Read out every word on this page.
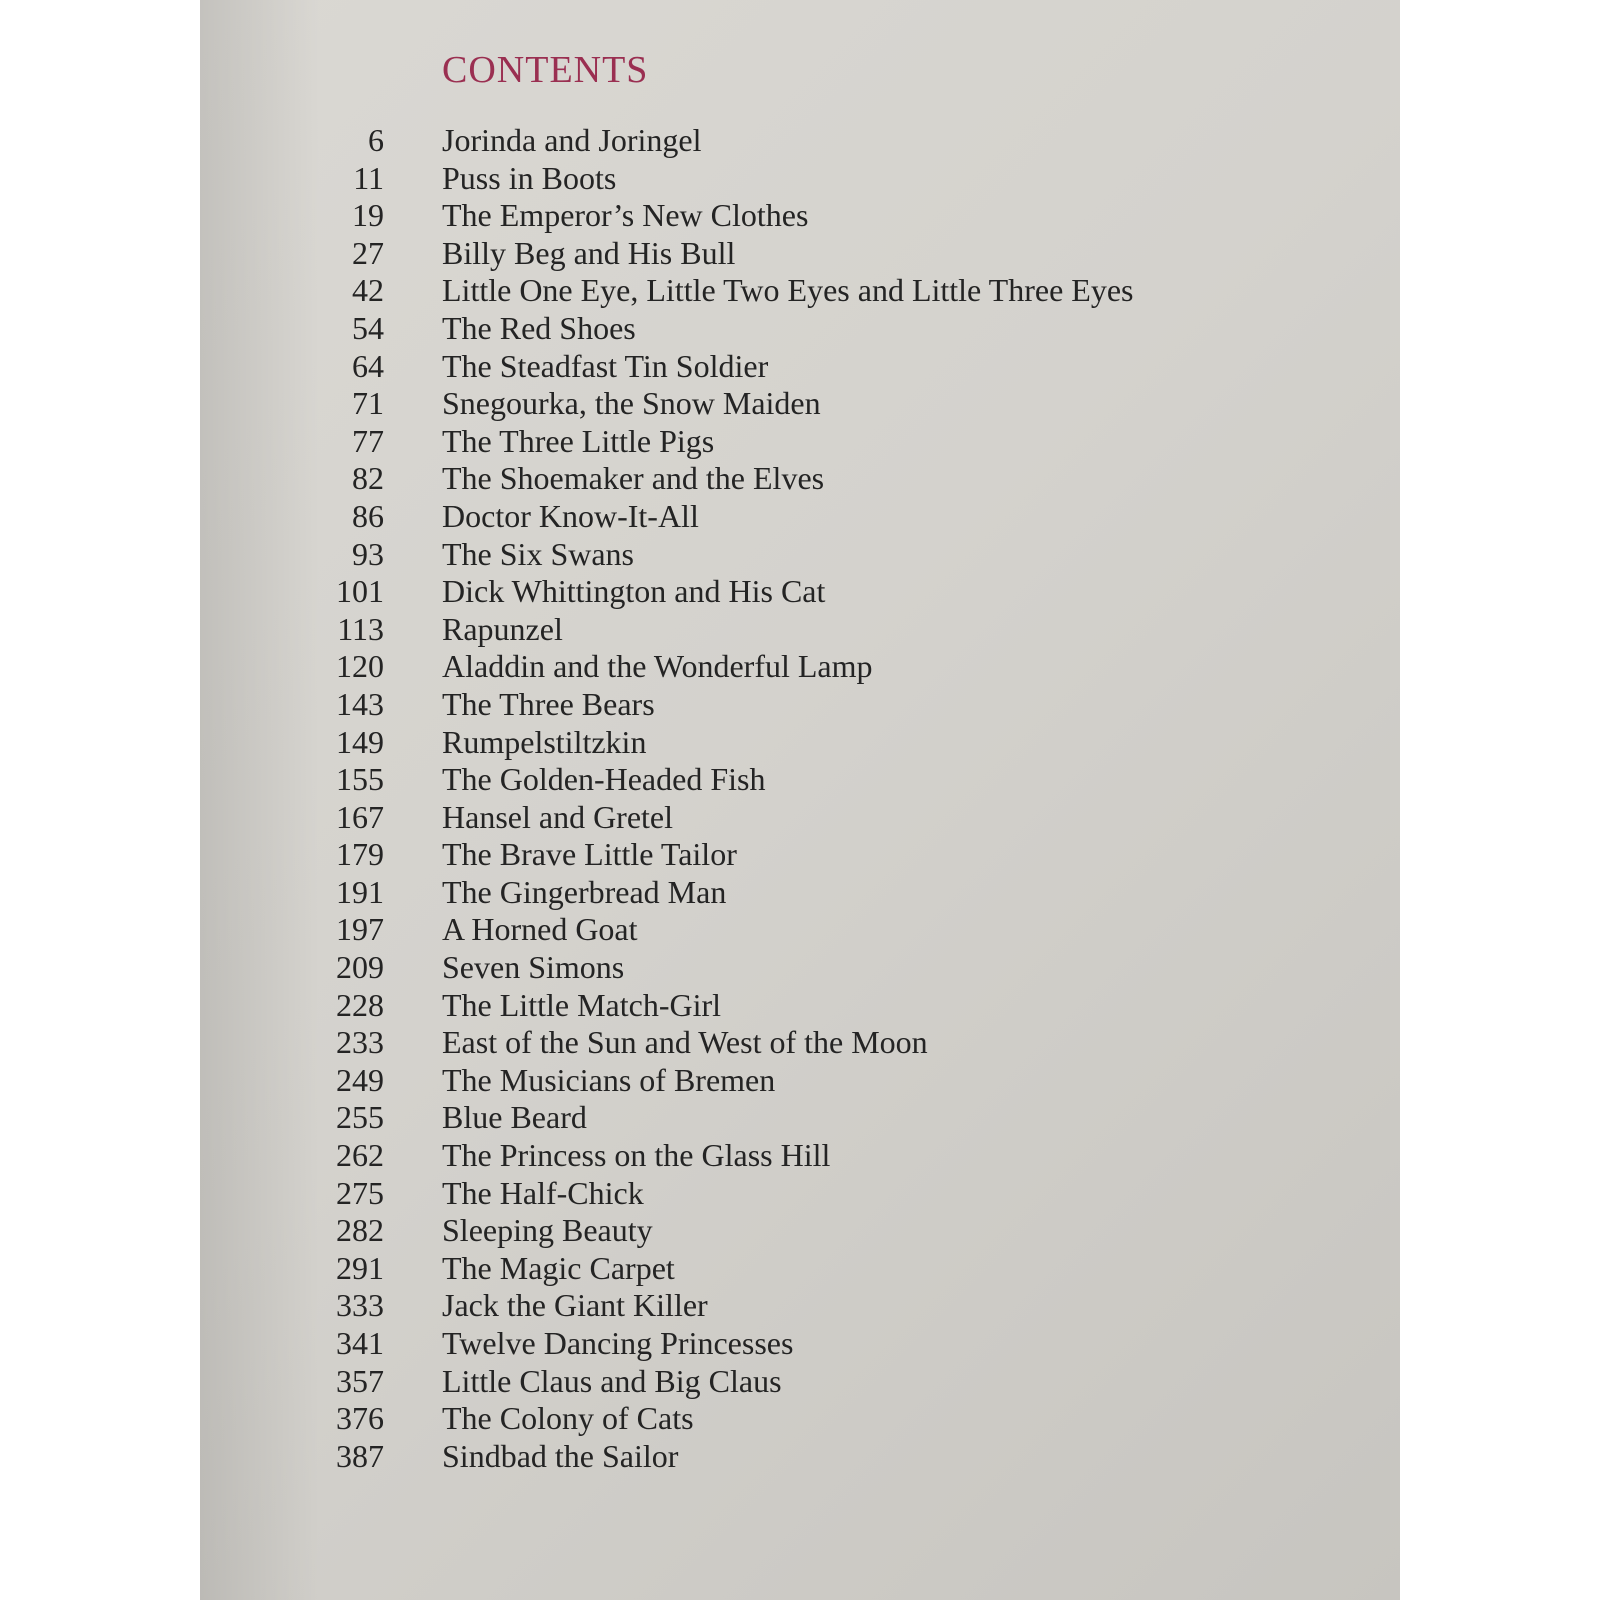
CONTENTS
6 Jorinda and Joringel
11 Puss in Boots
19 The Emperor’s New Clothes
27 Billy Beg and His Bull
42 Little One Eye, Little Two Eyes and Little Three Eyes
54 The Red Shoes
64 The Steadfast Tin Soldier
71 Snegourka, the Snow Maiden
77 The Three Little Pigs
82 The Shoemaker and the Elves
86 Doctor Know-It-All
93 The Six Swans
101 Dick Whittington and His Cat
113 Rapunzel
120 Aladdin and the Wonderful Lamp
143 The Three Bears
149 Rumpelstiltzkin
155 The Golden-Headed Fish
167 Hansel and Gretel
179 The Brave Little Tailor
191 The Gingerbread Man
197 A Horned Goat
209 Seven Simons
228 The Little Match-Girl
233 East of the Sun and West of the Moon
249 The Musicians of Bremen
255 Blue Beard
262 The Princess on the Glass Hill
275 The Half-Chick
282 Sleeping Beauty
291 The Magic Carpet
333 Jack the Giant Killer
341 Twelve Dancing Princesses
357 Little Claus and Big Claus
376 The Colony of Cats
387 Sindbad the Sailor
